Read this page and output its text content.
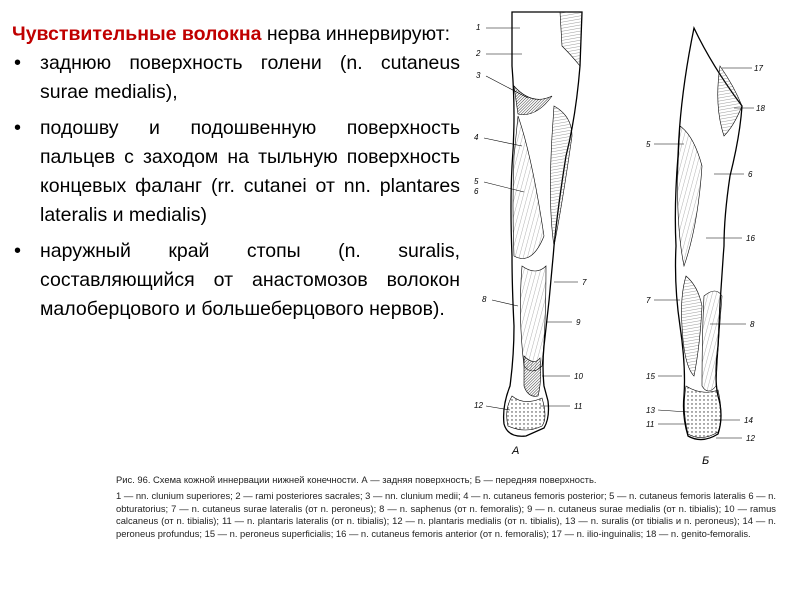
Чувствительные волокна нерва иннервируют:

• заднюю поверхность голени (n. cutaneus surae medialis),
• подошву и подошвенную поверхность пальцев с заходом на тыльную поверхность концевых фаланг (rr. cutanei от nn. plantares lateralis и medialis)
• наружный край стопы (n. suralis, составляющийся от анастомозов волокон малоберцового и большеберцового нервов).
1
2
3
4
5
6
7
8
9
10
11
12
А
17
18
5
6
16
7
8
15
13
11	14
12
Б

Рис. 96. Схема кожной иннервации нижней конечности. А — задняя поверхность; Б — передняя поверхность.

1 — nn. clunium superiores; 2 — rami posteriores sacrales; 3 — nn. clunium medii; 4 — n. cutaneus femoris posterior; 5 — n. cutaneus femoris lateralis 6 — n. obturatorius; 7 — n. cutaneus surae lateralis (от n. peroneus); 8 — n. saphenus (от n. femoralis); 9 — n. cutaneus surae medialis (от n. tibialis); 10 — ramus calcaneus (от n. tibialis); 11 — n. plantaris lateralis (от n. tibialis); 12 — n. plantaris medialis (от n. tibialis), 13 — n. suralis (от tibialis и n. peroneus); 14 — n. peroneus profundus; 15 — n. peroneus superficialis; 16 — n. cutaneus femoris anterior (от n. femoralis); 17 — n. ilio-inguinalis; 18 — n. genito-femoralis.
